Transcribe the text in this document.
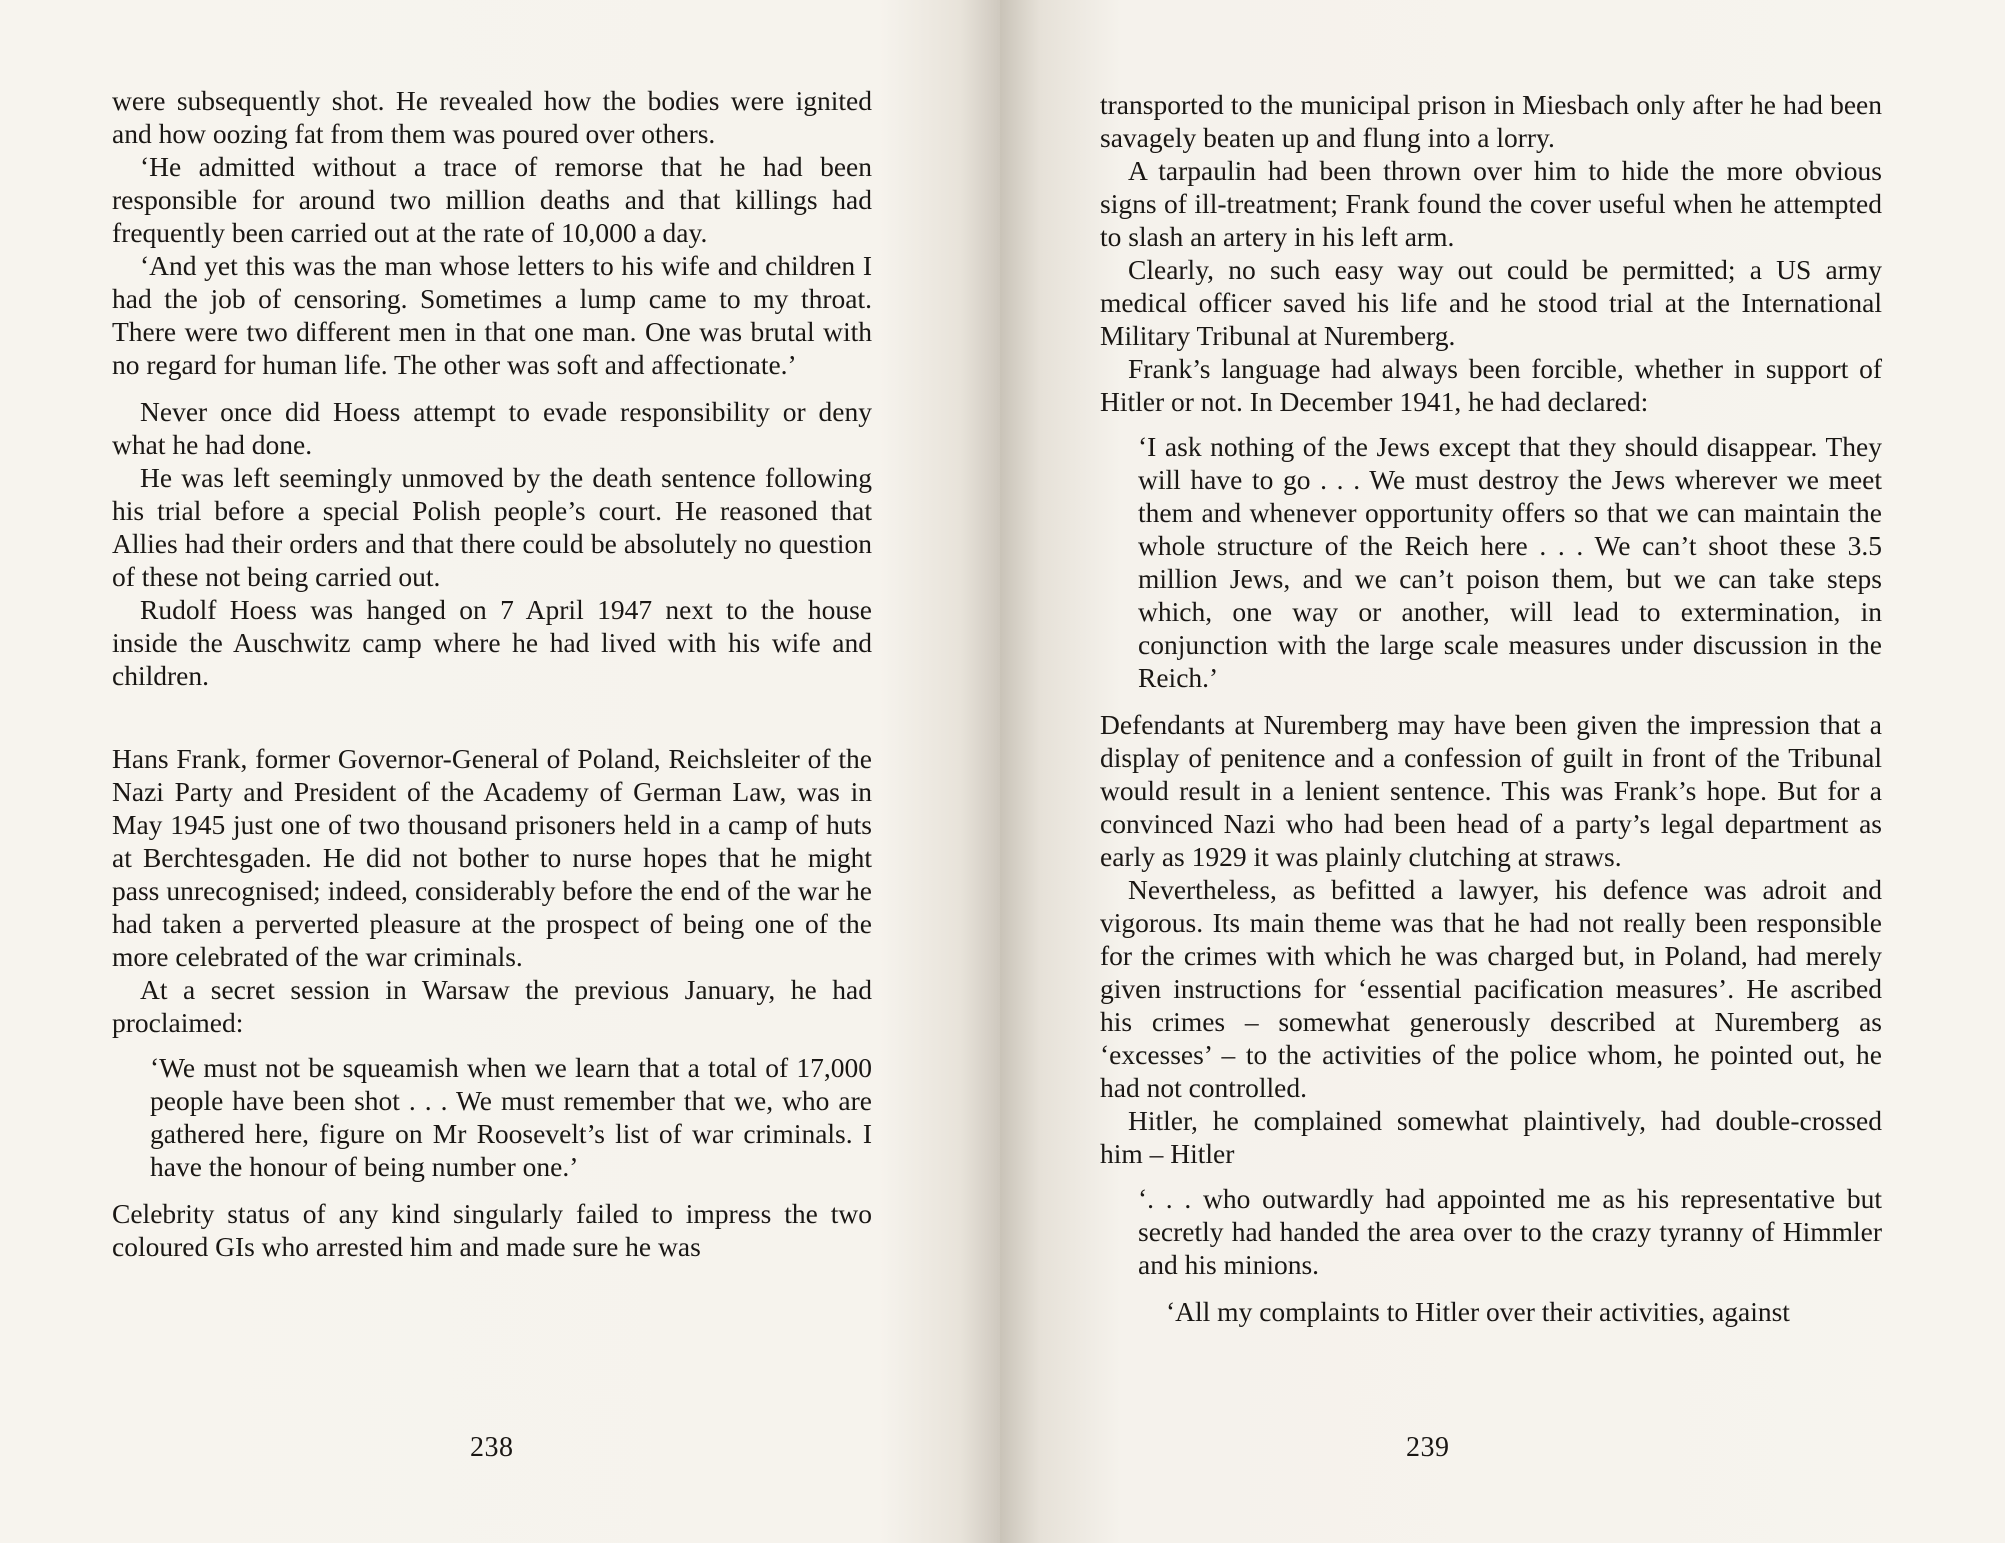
were subsequently shot. He revealed how the bodies were ignited and how oozing fat from them was poured over others.

‘He admitted without a trace of remorse that he had been responsible for around two million deaths and that killings had frequently been carried out at the rate of 10,000 a day.

‘And yet this was the man whose letters to his wife and children I had the job of censoring. Sometimes a lump came to my throat. There were two different men in that one man. One was brutal with no regard for human life. The other was soft and affectionate.’

Never once did Hoess attempt to evade responsibility or deny what he had done.

He was left seemingly unmoved by the death sentence following his trial before a special Polish people’s court. He reasoned that Allies had their orders and that there could be absolutely no question of these not being carried out.

Rudolf Hoess was hanged on 7 April 1947 next to the house inside the Auschwitz camp where he had lived with his wife and children.

Hans Frank, former Governor-General of Poland, Reichsleiter of the Nazi Party and President of the Academy of German Law, was in May 1945 just one of two thousand prisoners held in a camp of huts at Berchtesgaden. He did not bother to nurse hopes that he might pass unrecognised; indeed, considerably before the end of the war he had taken a perverted pleasure at the prospect of being one of the more celebrated of the war criminals.

At a secret session in Warsaw the previous January, he had proclaimed:

‘We must not be squeamish when we learn that a total of 17,000 people have been shot . . . We must remember that we, who are gathered here, figure on Mr Roosevelt’s list of war criminals. I have the honour of being number one.’

Celebrity status of any kind singularly failed to impress the two coloured GIs who arrested him and made sure he was

238

transported to the municipal prison in Miesbach only after he had been savagely beaten up and flung into a lorry.

A tarpaulin had been thrown over him to hide the more obvious signs of ill-treatment; Frank found the cover useful when he attempted to slash an artery in his left arm.

Clearly, no such easy way out could be permitted; a US army medical officer saved his life and he stood trial at the International Military Tribunal at Nuremberg.

Frank’s language had always been forcible, whether in support of Hitler or not. In December 1941, he had declared:

‘I ask nothing of the Jews except that they should disappear. They will have to go . . . We must destroy the Jews wherever we meet them and whenever opportunity offers so that we can maintain the whole structure of the Reich here . . . We can’t shoot these 3.5 million Jews, and we can’t poison them, but we can take steps which, one way or another, will lead to extermination, in conjunction with the large scale measures under discussion in the Reich.’

Defendants at Nuremberg may have been given the impression that a display of penitence and a confession of guilt in front of the Tribunal would result in a lenient sentence. This was Frank’s hope. But for a convinced Nazi who had been head of a party’s legal department as early as 1929 it was plainly clutching at straws.

Nevertheless, as befitted a lawyer, his defence was adroit and vigorous. Its main theme was that he had not really been responsible for the crimes with which he was charged but, in Poland, had merely given instructions for ‘essential pacification measures’. He ascribed his crimes – somewhat generously described at Nuremberg as ‘excesses’ – to the activities of the police whom, he pointed out, he had not controlled.

Hitler, he complained somewhat plaintively, had double-crossed him – Hitler

‘. . . who outwardly had appointed me as his representative but secretly had handed the area over to the crazy tyranny of Himmler and his minions.

‘All my complaints to Hitler over their activities, against

239
